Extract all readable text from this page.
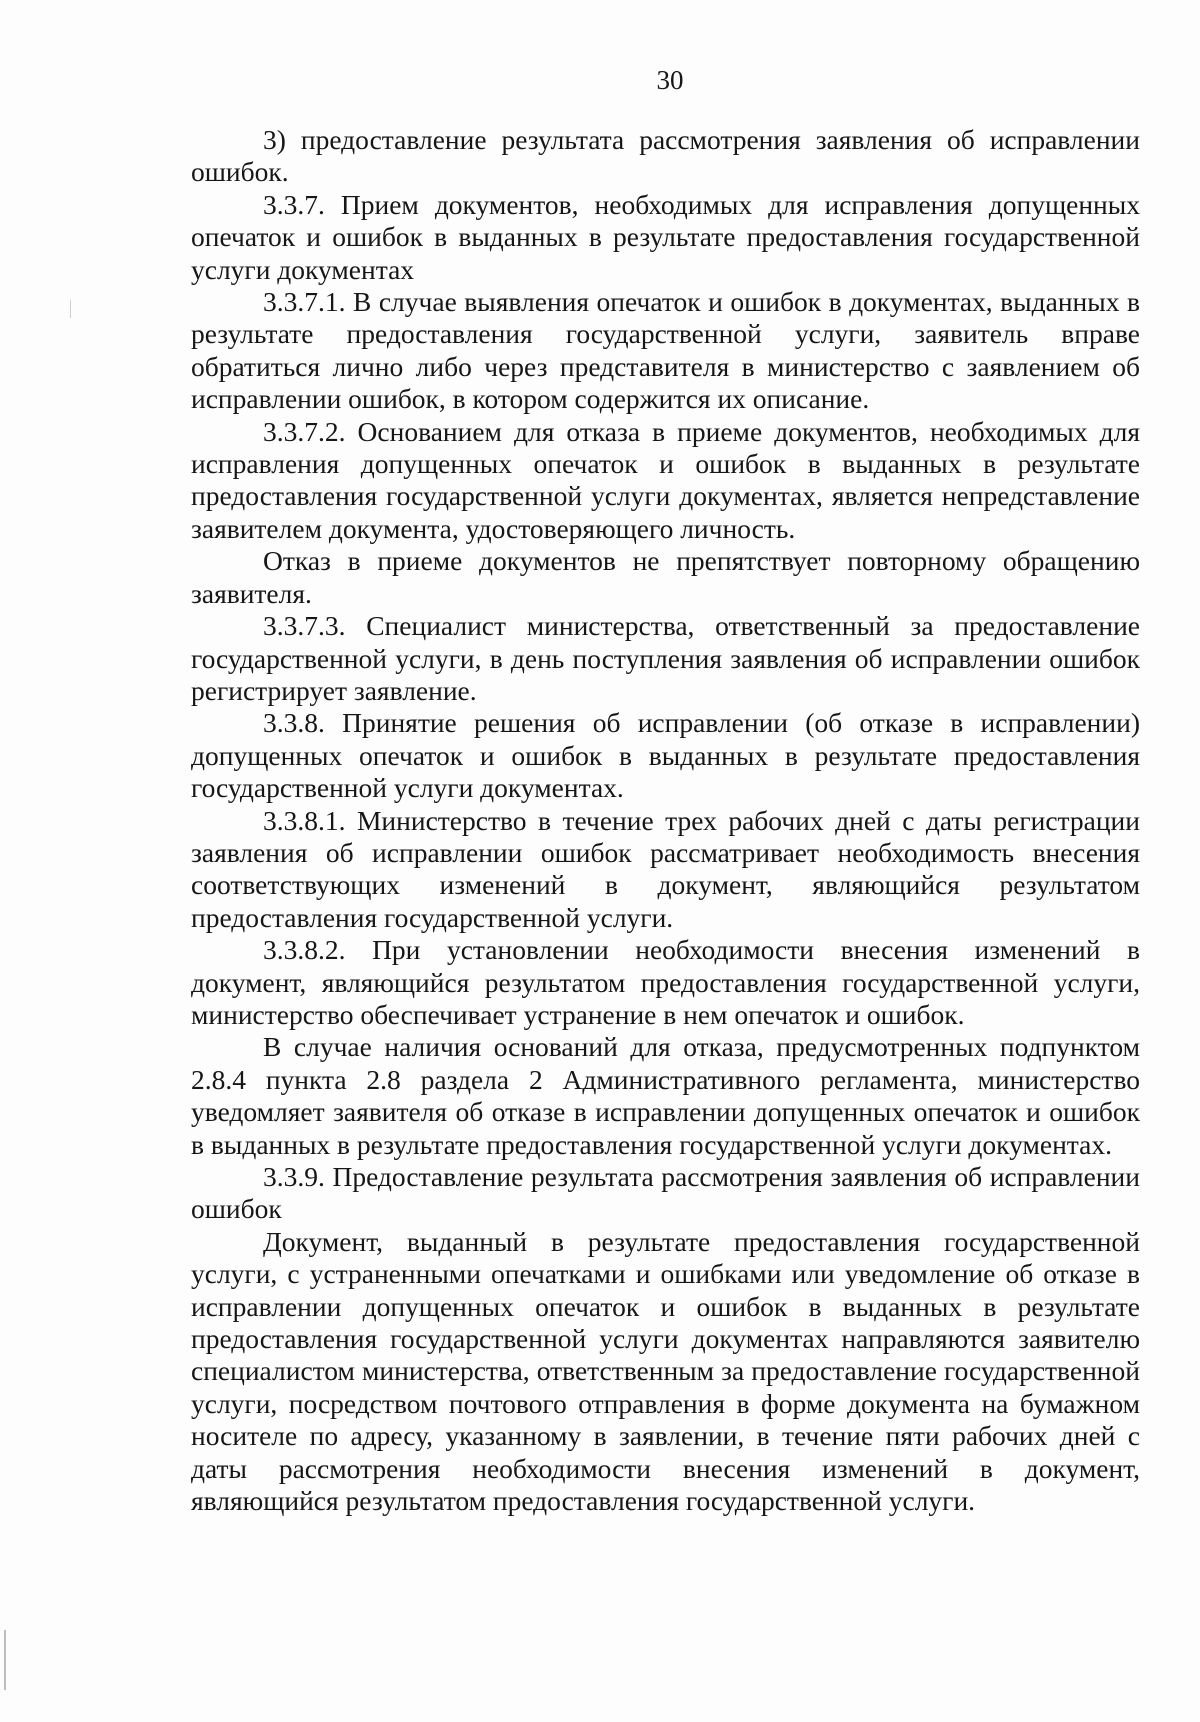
30

3) предоставление результата рассмотрения заявления об исправлении ошибок.

3.3.7. Прием документов, необходимых для исправления допущенных опечаток и ошибок в выданных в результате предоставления государственной услуги документах

3.3.7.1. В случае выявления опечаток и ошибок в документах, выданных в результате предоставления государственной услуги, заявитель вправе обратиться лично либо через представителя в министерство с заявлением об исправлении ошибок, в котором содержится их описание.

3.3.7.2. Основанием для отказа в приеме документов, необходимых для исправления допущенных опечаток и ошибок в выданных в результате предоставления государственной услуги документах, является непредставление заявителем документа, удостоверяющего личность.

Отказ в приеме документов не препятствует повторному обращению заявителя.

3.3.7.3. Специалист министерства, ответственный за предоставление государственной услуги, в день поступления заявления об исправлении ошибок регистрирует заявление.

3.3.8. Принятие решения об исправлении (об отказе в исправлении) допущенных опечаток и ошибок в выданных в результате предоставления государственной услуги документах.

3.3.8.1. Министерство в течение трех рабочих дней с даты регистрации заявления об исправлении ошибок рассматривает необходимость внесения соответствующих изменений в документ, являющийся результатом предоставления государственной услуги.

3.3.8.2. При установлении необходимости внесения изменений в документ, являющийся результатом предоставления государственной услуги, министерство обеспечивает устранение в нем опечаток и ошибок.

В случае наличия оснований для отказа, предусмотренных подпунктом 2.8.4 пункта 2.8 раздела 2 Административного регламента, министерство уведомляет заявителя об отказе в исправлении допущенных опечаток и ошибок в выданных в результате предоставления государственной услуги документах.

3.3.9. Предоставление результата рассмотрения заявления об исправлении ошибок

Документ, выданный в результате предоставления государственной услуги, с устраненными опечатками и ошибками или уведомление об отказе в исправлении допущенных опечаток и ошибок в выданных в результате предоставления государственной услуги документах направляются заявителю специалистом министерства, ответственным за предоставление государственной услуги, посредством почтового отправления в форме документа на бумажном носителе по адресу, указанному в заявлении, в течение пяти рабочих дней с даты рассмотрения необходимости внесения изменений в документ, являющийся результатом предоставления государственной услуги.
